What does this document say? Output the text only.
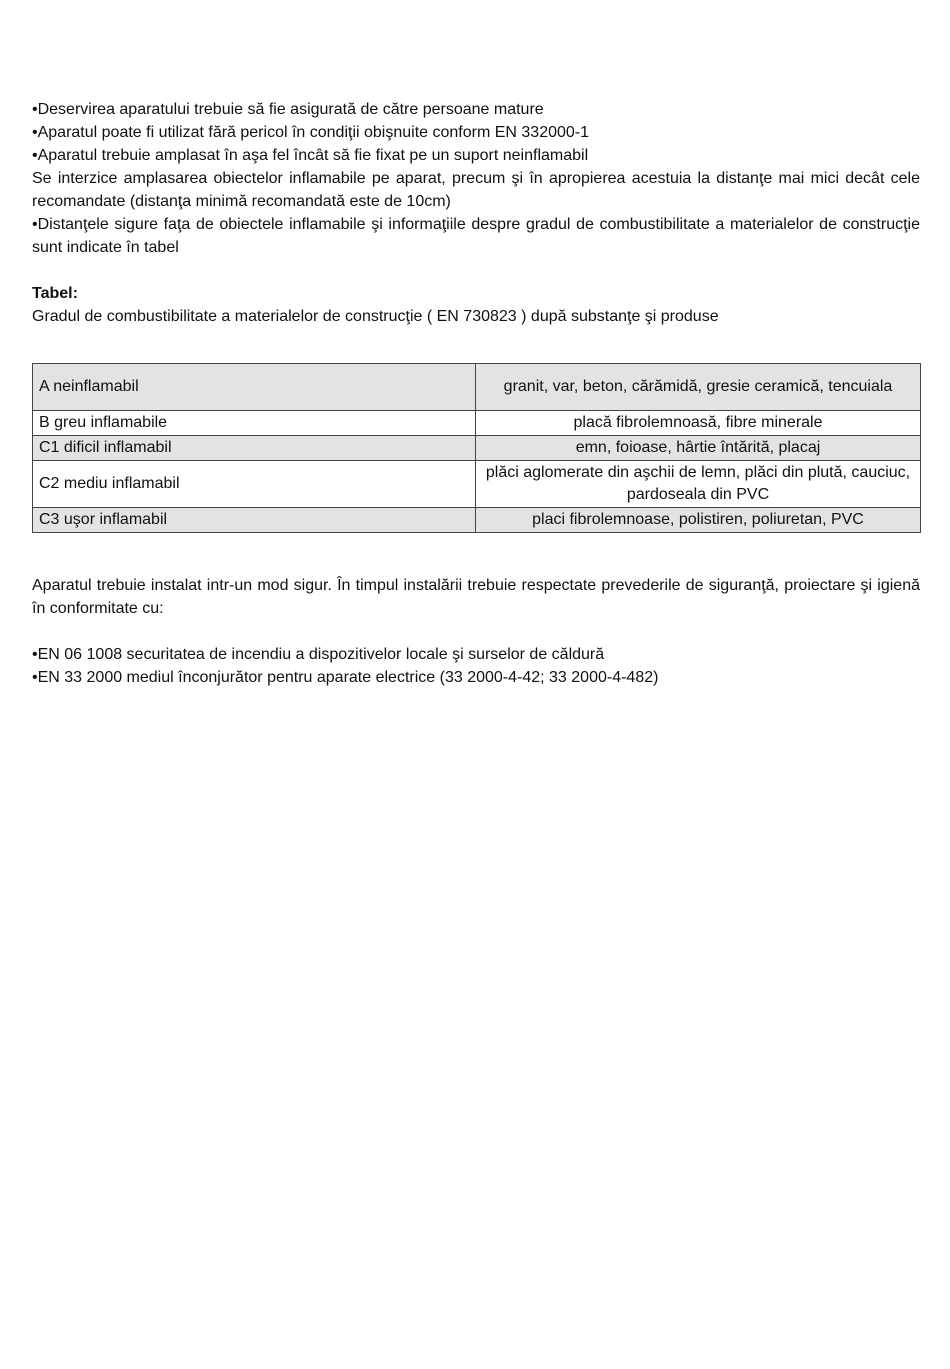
•Deservirea aparatului trebuie să fie asigurată de către persoane mature
•Aparatul poate fi utilizat fără pericol în condiţii obişnuite conform EN 332000-1
•Aparatul trebuie amplasat în aşa fel încât să fie fixat pe un suport neinflamabil
Se interzice amplasarea obiectelor inflamabile pe aparat, precum şi în apropierea acestuia la distanţe mai mici decât cele recomandate (distanţa minimă recomandată este de 10cm)
•Distanţele sigure faţa de obiectele inflamabile şi informaţiile despre gradul de combustibilitate a materialelor de construcţie sunt indicate în tabel
Tabel:
Gradul de combustibilitate a materialelor de construcţie ( EN 730823 ) după substanţe şi produse
A neinflamabil	granit, var, beton, cărămidă, gresie ceramică, tencuiala
B greu inflamabile	placă fibrolemnoasă, fibre minerale
C1 dificil inflamabil	emn, foioase, hârtie întărită, placaj
C2 mediu inflamabil	plăci aglomerate din aşchii de lemn, plăci din plută, cauciuc, pardoseala din PVC
C3 uşor inflamabil	placi fibrolemnoase, polistiren, poliuretan, PVC
Aparatul trebuie instalat intr-un mod sigur. În timpul instalării trebuie respectate prevederile de siguranţă, proiectare şi igienă în conformitate cu:
•EN 06 1008 securitatea de incendiu a dispozitivelor locale şi surselor de căldură
•EN 33 2000 mediul înconjurător pentru aparate electrice (33 2000-4-42; 33 2000-4-482)
